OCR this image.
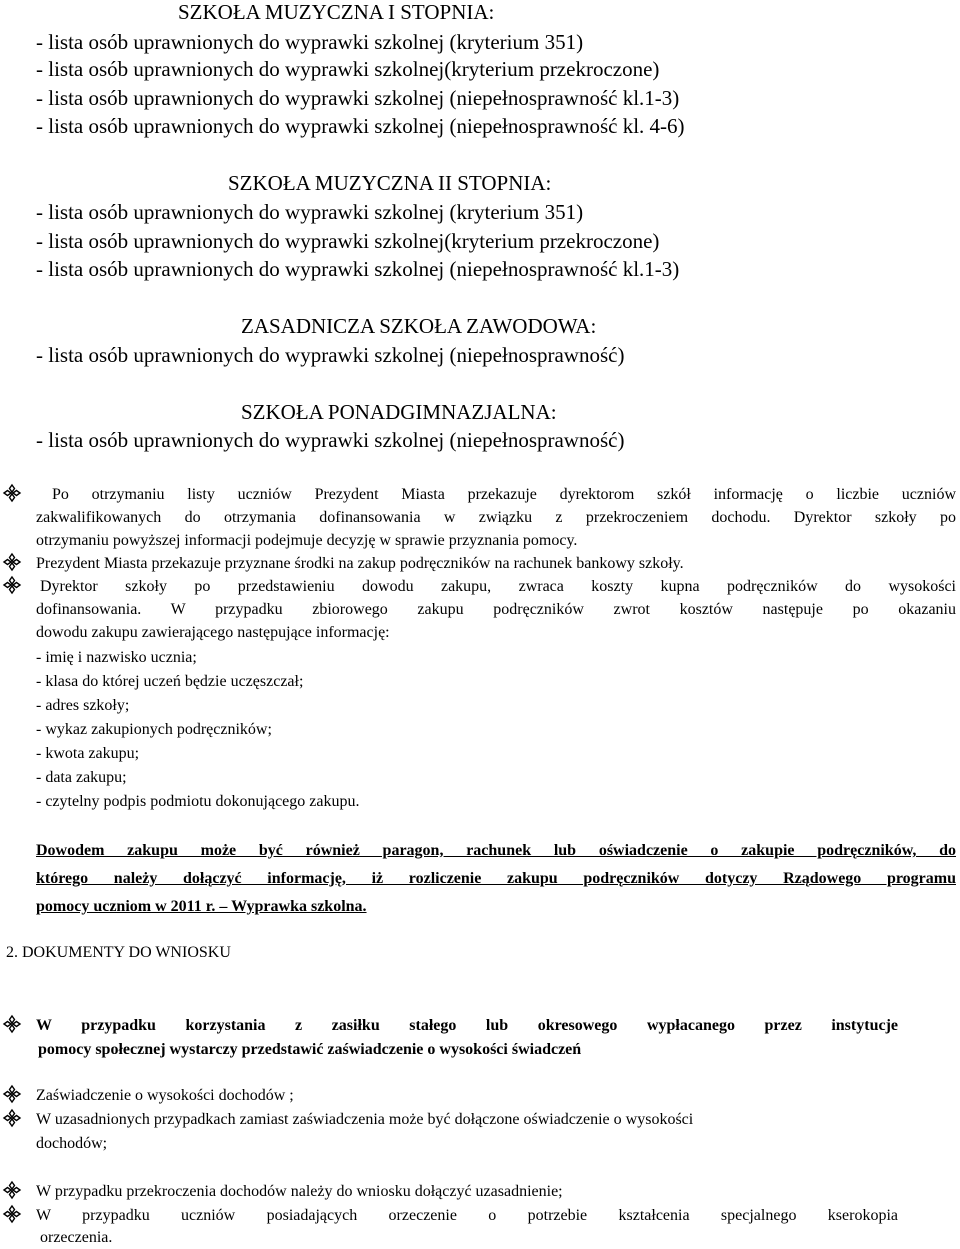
SZKOŁA MUZYCZNA I STOPNIA:
- lista osób uprawnionych do wyprawki szkolnej (kryterium 351)
- lista osób uprawnionych do wyprawki szkolnej(kryterium przekroczone)
- lista osób uprawnionych do wyprawki szkolnej (niepełnosprawność kl.1-3)
- lista osób uprawnionych do wyprawki szkolnej (niepełnosprawność kl. 4-6)
SZKOŁA MUZYCZNA II STOPNIA:
- lista osób uprawnionych do wyprawki szkolnej (kryterium 351)
- lista osób uprawnionych do wyprawki szkolnej(kryterium przekroczone)
- lista osób uprawnionych do wyprawki szkolnej (niepełnosprawność kl.1-3)
ZASADNICZA SZKOŁA ZAWODOWA:
- lista osób uprawnionych do wyprawki szkolnej (niepełnosprawność)
SZKOŁA PONADGIMNAZJALNA:
- lista osób uprawnionych do wyprawki szkolnej (niepełnosprawność)
Po otrzymaniu listy uczniów Prezydent Miasta przekazuje dyrektorom szkół informację o liczbie uczniów
zakwalifikowanych do otrzymania dofinansowania w związku z przekroczeniem dochodu. Dyrektor szkoły po
otrzymaniu powyższej informacji podejmuje decyzję w sprawie przyznania pomocy.
Prezydent Miasta przekazuje przyznane środki na zakup podręczników na rachunek bankowy szkoły.
Dyrektor szkoły po przedstawieniu dowodu zakupu, zwraca koszty kupna podręczników do wysokości
dofinansowania. W przypadku zbiorowego zakupu podręczników zwrot kosztów następuje po okazaniu
dowodu zakupu zawierającego następujące informację:
- imię i nazwisko ucznia;
- klasa do której uczeń będzie uczęszczał;
- adres szkoły;
- wykaz zakupionych podręczników;
- kwota zakupu;
- data zakupu;
- czytelny podpis podmiotu dokonującego zakupu.
Dowodem zakupu może być również paragon, rachunek lub oświadczenie o zakupie podręczników, do
którego należy dołączyć informację, iż rozliczenie zakupu podręczników dotyczy Rządowego programu
pomocy uczniom w 2011 r. – Wyprawka szkolna.
2. DOKUMENTY DO WNIOSKU
W przypadku korzystania z zasiłku stałego lub okresowego wypłacanego przez instytucje
pomocy społecznej wystarczy przedstawić zaświadczenie o wysokości świadczeń
Zaświadczenie o wysokości dochodów ;
W uzasadnionych przypadkach zamiast zaświadczenia może być dołączone oświadczenie o wysokości
dochodów;
W przypadku przekroczenia dochodów należy do wniosku dołączyć uzasadnienie;
W przypadku uczniów posiadających orzeczenie o potrzebie kształcenia specjalnego kserokopia
orzeczenia.
